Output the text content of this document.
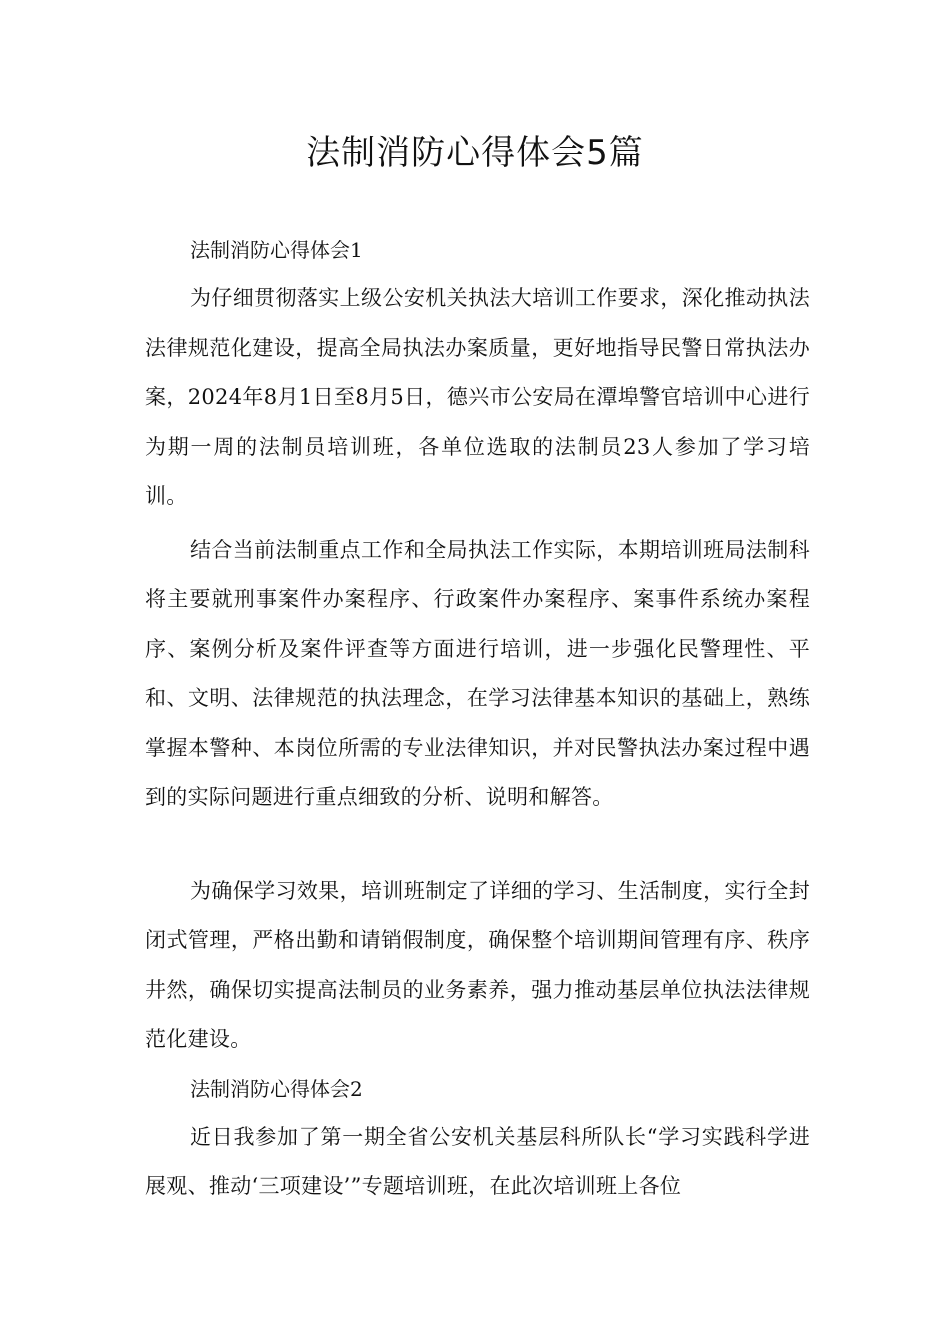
法制消防心得体会5篇

法制消防心得体会1

为仔细贯彻落实上级公安机关执法大培训工作要求，深化推动执法法律规范化建设，提高全局执法办案质量，更好地指导民警日常执法办案，2024年8月1日至8月5日，德兴市公安局在潭埠警官培训中心进行为期一周的法制员培训班，各单位选取的法制员23人参加了学习培训。

结合当前法制重点工作和全局执法工作实际，本期培训班局法制科将主要就刑事案件办案程序、行政案件办案程序、案事件系统办案程序、案例分析及案件评查等方面进行培训，进一步强化民警理性、平和、文明、法律规范的执法理念，在学习法律基本知识的基础上，熟练掌握本警种、本岗位所需的专业法律知识，并对民警执法办案过程中遇到的实际问题进行重点细致的分析、说明和解答。

为确保学习效果，培训班制定了详细的学习、生活制度，实行全封闭式管理，严格出勤和请销假制度，确保整个培训期间管理有序、秩序井然，确保切实提高法制员的业务素养，强力推动基层单位执法法律规范化建设。

法制消防心得体会2

近日我参加了第一期全省公安机关基层科所队长“学习实践科学进展观、推动‘三项建设’”专题培训班，在此次培训班上各位
